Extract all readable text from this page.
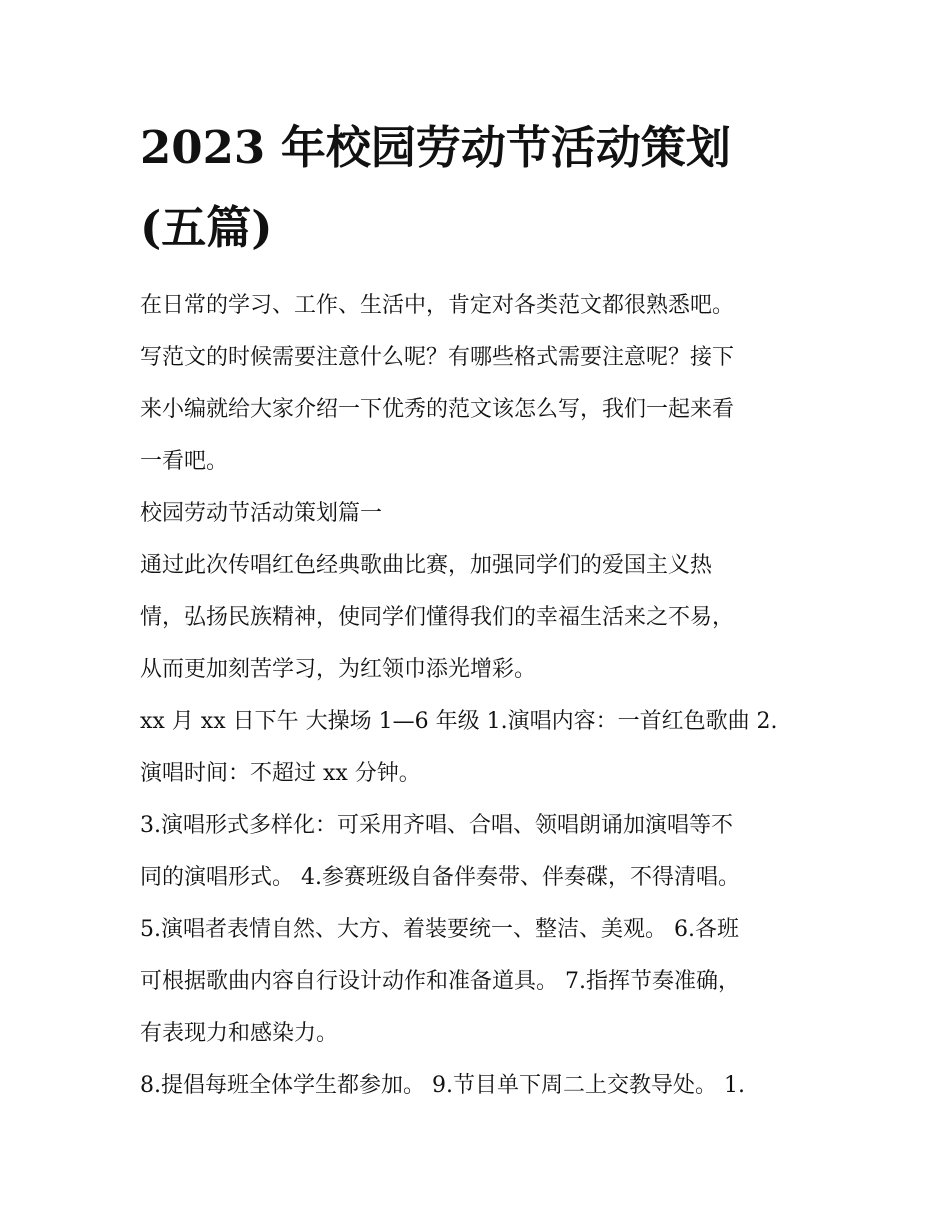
2023 年校园劳动节活动策划
(五篇)

在日常的学习、工作、生活中，肯定对各类范文都很熟悉吧。
写范文的时候需要注意什么呢？有哪些格式需要注意呢？接下
来小编就给大家介绍一下优秀的范文该怎么写，我们一起来看
一看吧。

校园劳动节活动策划篇一

通过此次传唱红色经典歌曲比赛，加强同学们的爱国主义热
情，弘扬民族精神，使同学们懂得我们的幸福生活来之不易，
从而更加刻苦学习，为红领巾添光增彩。

xx 月 xx 日下午 大操场 1—6 年级 1.演唱内容：一首红色歌曲 2.
演唱时间：不超过 xx 分钟。

3.演唱形式多样化：可采用齐唱、合唱、领唱朗诵加演唱等不
同的演唱形式。 4.参赛班级自备伴奏带、伴奏碟，不得清唱。
5.演唱者表情自然、大方、着装要统一、整洁、美观。 6.各班
可根据歌曲内容自行设计动作和准备道具。 7.指挥节奏准确，
有表现力和感染力。

8.提倡每班全体学生都参加。 9.节目单下周二上交教导处。 1.
